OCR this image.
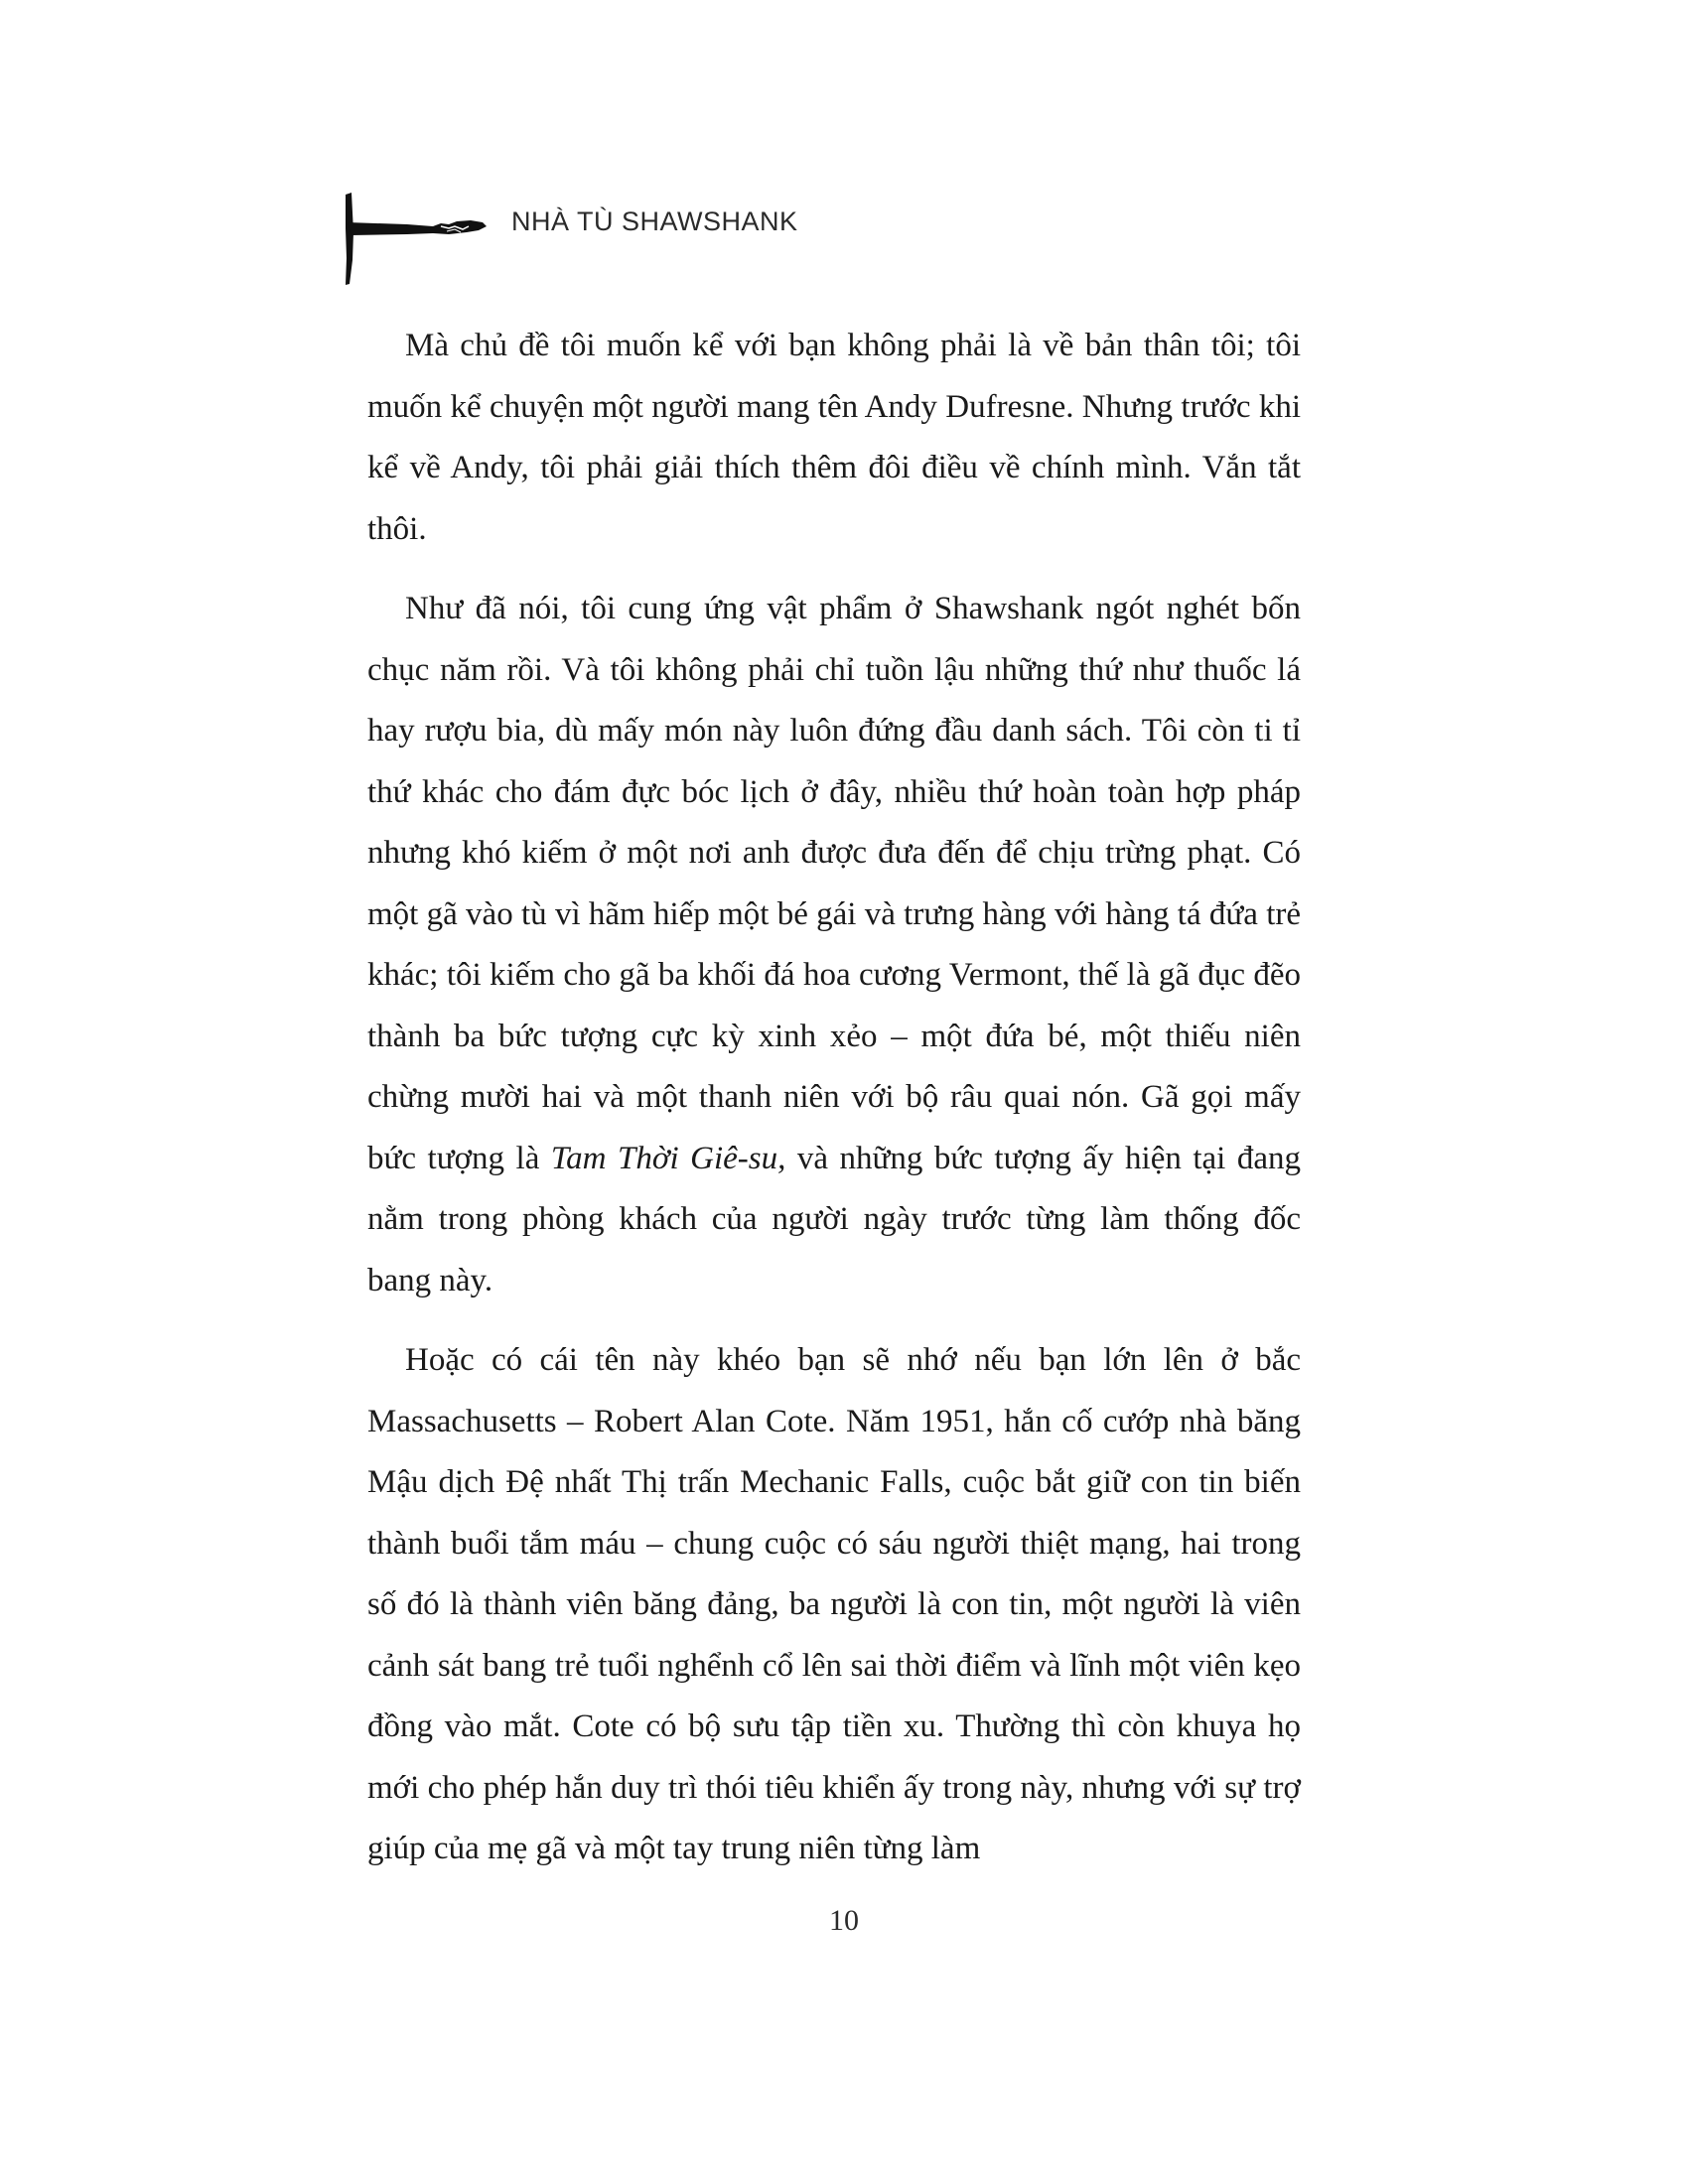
NHÀ TÙ SHAWSHANK

Mà chủ đề tôi muốn kể với bạn không phải là về bản thân tôi; tôi muốn kể chuyện một người mang tên Andy Dufresne. Nhưng trước khi kể về Andy, tôi phải giải thích thêm đôi điều về chính mình. Vắn tắt thôi.

Như đã nói, tôi cung ứng vật phẩm ở Shawshank ngót nghét bốn chục năm rồi. Và tôi không phải chỉ tuồn lậu những thứ như thuốc lá hay rượu bia, dù mấy món này luôn đứng đầu danh sách. Tôi còn ti tỉ thứ khác cho đám đực bóc lịch ở đây, nhiều thứ hoàn toàn hợp pháp nhưng khó kiếm ở một nơi anh được đưa đến để chịu trừng phạt. Có một gã vào tù vì hãm hiếp một bé gái và trưng hàng với hàng tá đứa trẻ khác; tôi kiếm cho gã ba khối đá hoa cương Vermont, thế là gã đục đẽo thành ba bức tượng cực kỳ xinh xẻo – một đứa bé, một thiếu niên chừng mười hai và một thanh niên với bộ râu quai nón. Gã gọi mấy bức tượng là Tam Thời Giê-su, và những bức tượng ấy hiện tại đang nằm trong phòng khách của người ngày trước từng làm thống đốc bang này.

Hoặc có cái tên này khéo bạn sẽ nhớ nếu bạn lớn lên ở bắc Massachusetts – Robert Alan Cote. Năm 1951, hắn cố cướp nhà băng Mậu dịch Đệ nhất Thị trấn Mechanic Falls, cuộc bắt giữ con tin biến thành buổi tắm máu – chung cuộc có sáu người thiệt mạng, hai trong số đó là thành viên băng đảng, ba người là con tin, một người là viên cảnh sát bang trẻ tuổi nghểnh cổ lên sai thời điểm và lĩnh một viên kẹo đồng vào mắt. Cote có bộ sưu tập tiền xu. Thường thì còn khuya họ mới cho phép hắn duy trì thói tiêu khiển ấy trong này, nhưng với sự trợ giúp của mẹ gã và một tay trung niên từng làm

10
